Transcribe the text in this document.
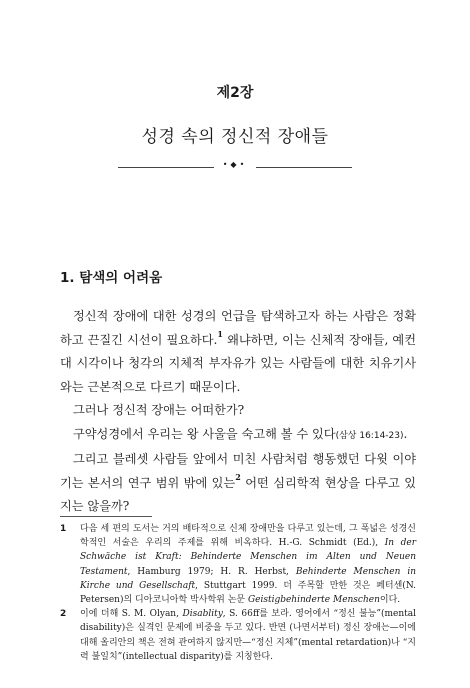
제2장
성경 속의 정신적 장애들
•◆•
1. 탐색의 어려움

정신적 장애에 대한 성경의 언급을 탐색하고자 하는 사람은 정확하고 끈질긴 시선이 필요하다.$^1$ 왜냐하면, 이는 신체적 장애들, 예컨대 시각이나 청각의 지체적 부자유가 있는 사람들에 대한 치유기사와는 근본적으로 다르기 때문이다.

그러나 정신적 장애는 어떠한가?

구약성경에서 우리는 왕 사울을 숙고해 볼 수 있다(삼상 16:14-23).

그리고 블레셋 사람들 앞에서 미친 사람처럼 행동했던 다윗 이야기는 본서의 연구 범위 밖에 있는$^2$ 어떤 심리학적 현상을 다루고 있지는 않을까?

1	다음 세 편의 도서는 거의 배타적으로 신체 장애만을 다루고 있는데, 그 폭넓은 성경신학적인 서술은 우리의 주제를 위해 비옥하다. H.-G. Schmidt (Ed.), In der Schwäche ist Kraft: Behinderte Menschen im Alten und Neuen Testament, Hamburg 1979; H. R. Herbst, Behinderte Menschen in Kirche und Gesellschaft, Stuttgart 1999. 더 주목할 만한 것은 페터센(N. Petersen)의 디아코니아학 박사학위 논문 Geistigbehinderte Menschen이다.
2	이에 더해 S. M. Olyan, Disablity, S. 66ff를 보라. 영어에서 “정신 불능”(mental disability)은 실격인 문제에 비중을 두고 있다. 반면 (나면서부터) 정신 장애는—이에 대해 올리안의 책은 전혀 관여하지 않지만—“정신 지체”(mental retardation)나 “지력 불일치”(intellectual disparity)를 지칭한다.
